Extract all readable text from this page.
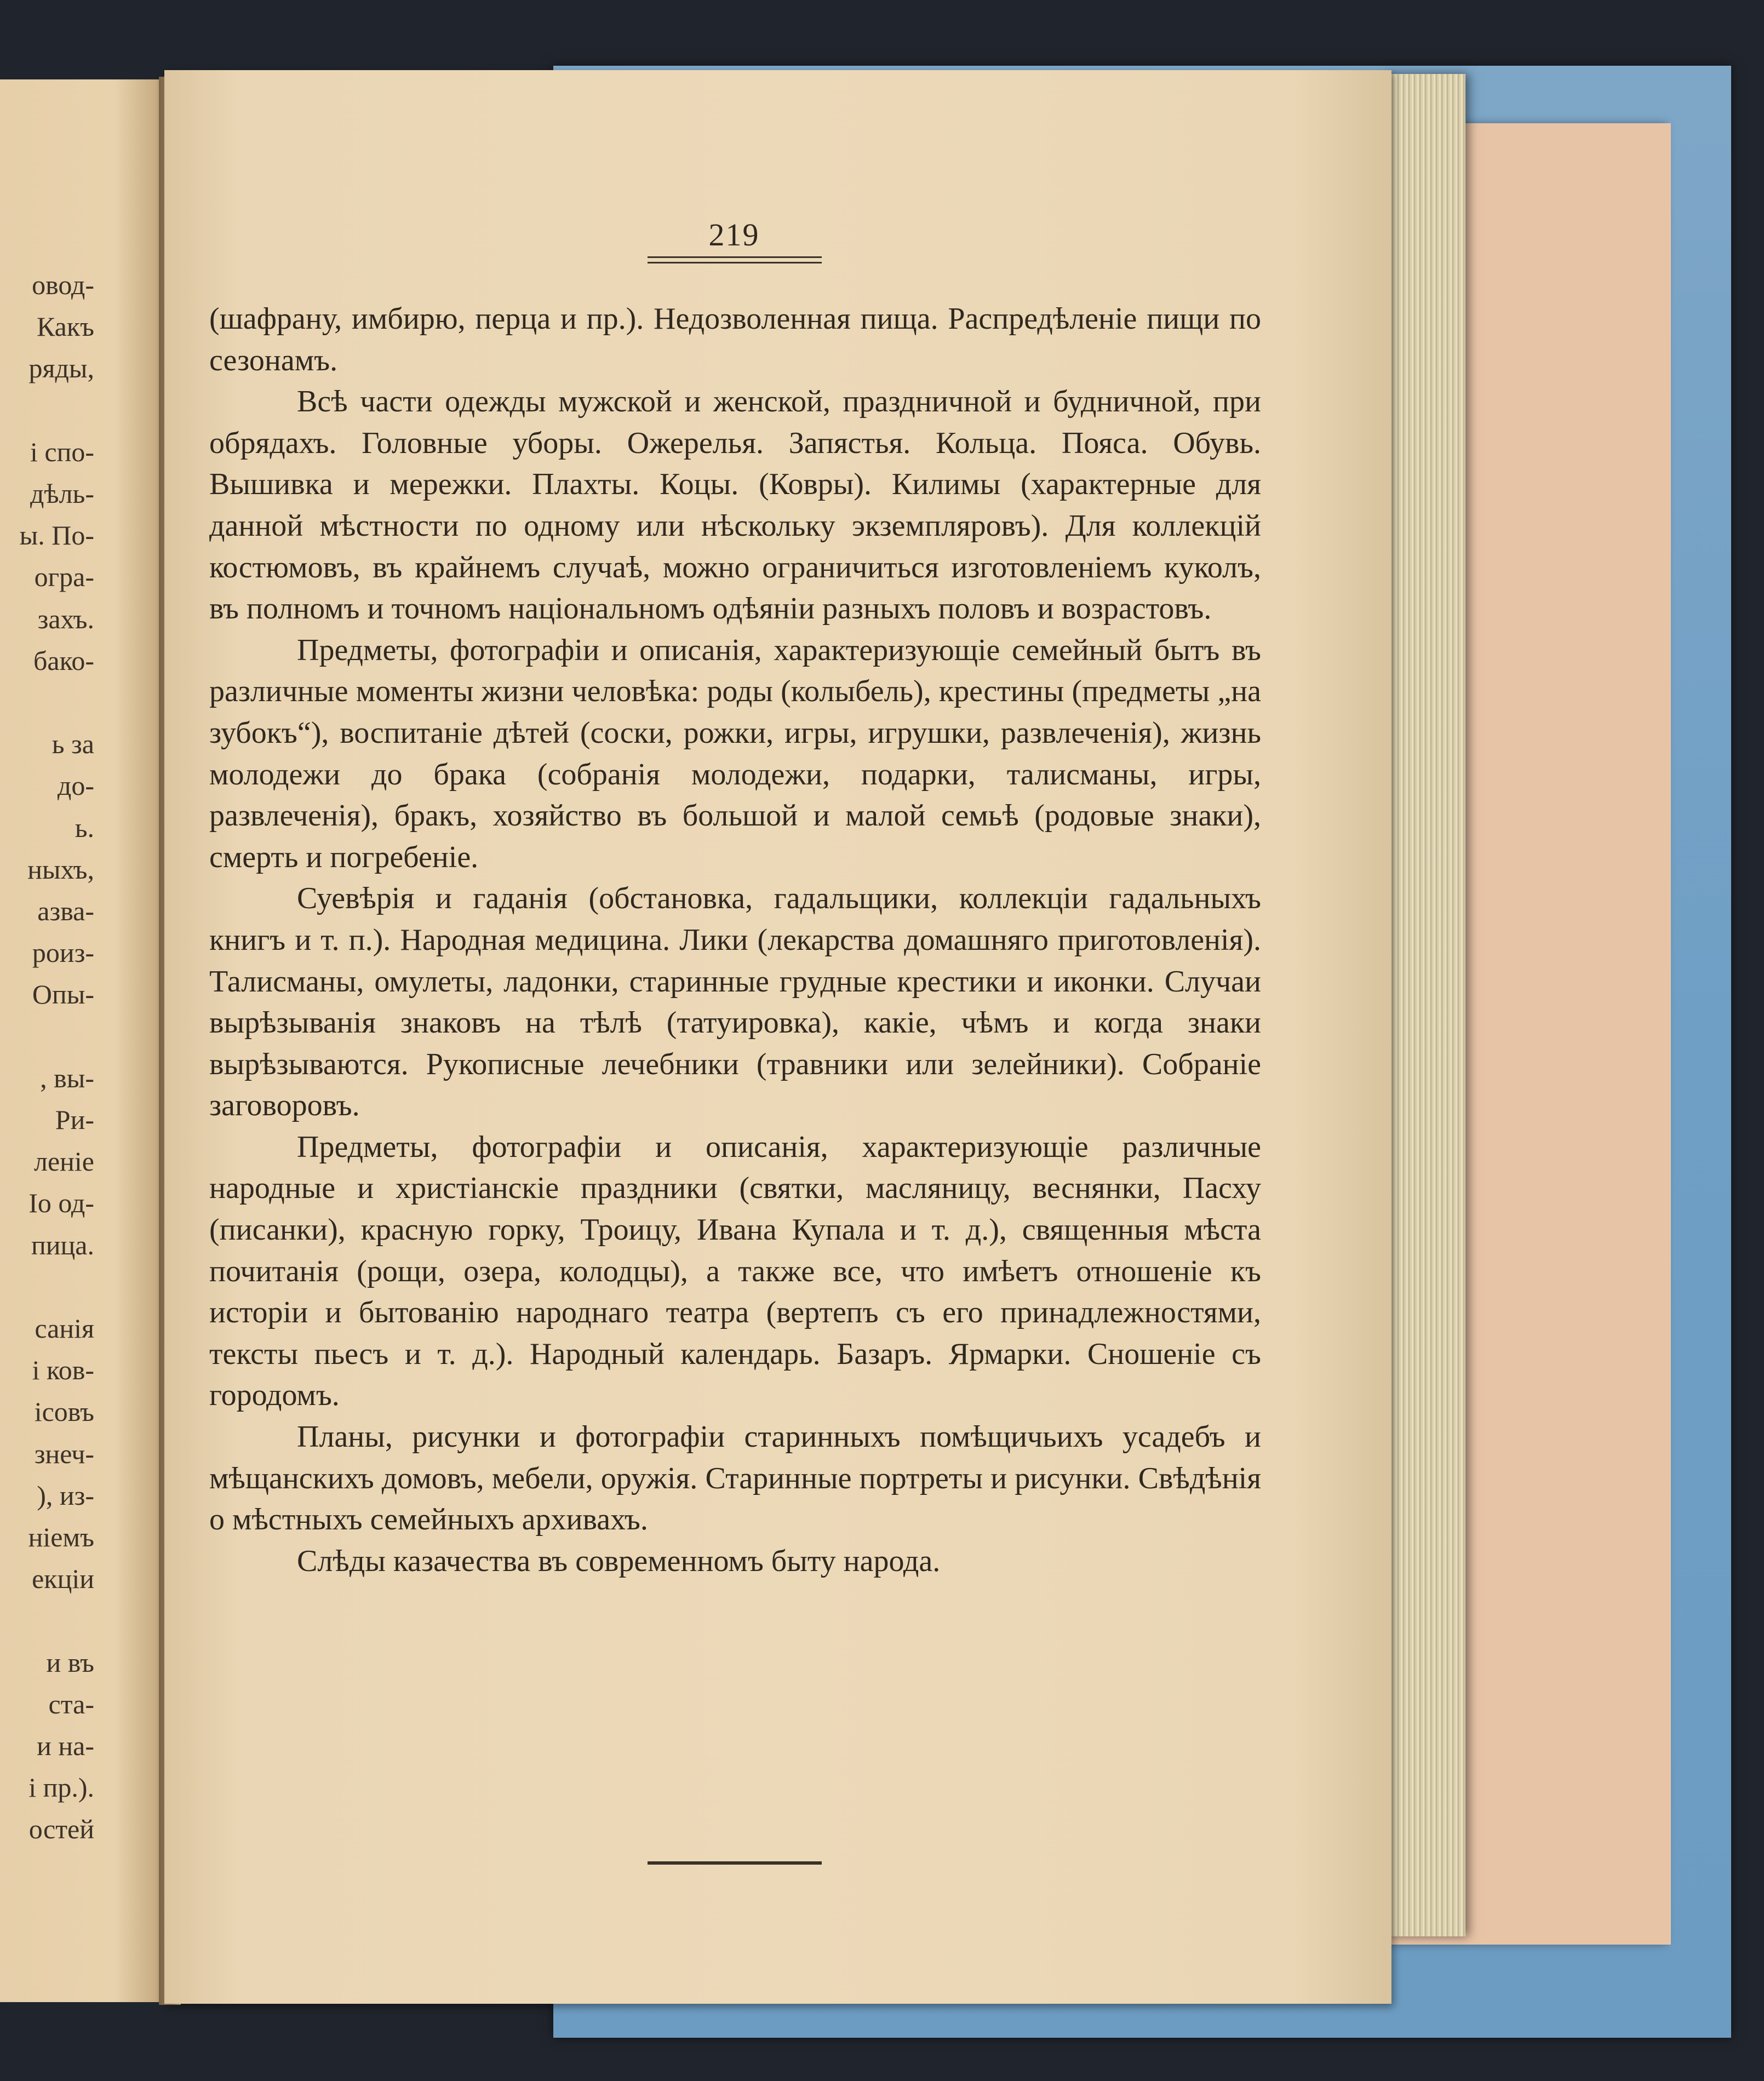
овод-
Какъ
ряды,
і спо-
дѣль-
ы. По-
огра-
захъ.
бако-
ь за
до-
ь.
ныхъ,
азва-
роиз-
Опы-
, вы-
Ри-
леніе
Іо од-
пица.
санія
і ков-
ісовъ
знеч-
), из-
ніемъ
екціи
и въ
ста-
и на-
і пр.).
остей
219

(шафрану, имбирю, перца и пр.). Недозволенная пища. Распредѣленіе пищи по сезонамъ.

Всѣ части одежды мужской и женской, праздничной и будничной, при обрядахъ. Головные уборы. Ожерелья. Запястья. Кольца. Пояса. Обувь. Вышивка и мережки. Плахты. Коцы. (Ковры). Килимы (характерные для данной мѣстности по одному или нѣскольку экземпляровъ). Для коллекцій костюмовъ, въ крайнемъ случаѣ, можно ограничиться изготовленіемъ куколъ, въ полномъ и точномъ національномъ одѣяніи разныхъ половъ и возрастовъ.

Предметы, фотографіи и описанія, характеризующіе семейный бытъ въ различные моменты жизни человѣка: роды (колыбель), крестины (предметы „на зубокъ“), воспитаніе дѣтей (соски, рожки, игры, игрушки, развлеченія), жизнь молодежи до брака (собранія молодежи, подарки, талисманы, игры, развлеченія), бракъ, хозяйство въ большой и малой семьѣ (родовые знаки), смерть и погребеніе.

Суевѣрія и гаданія (обстановка, гадальщики, коллекціи гадальныхъ книгъ и т. п.). Народная медицина. Лики (лекарства домашняго приготовленія). Талисманы, омулеты, ладонки, старинные грудные крестики и иконки. Случаи вырѣзыванія знаковъ на тѣлѣ (татуировка), какіе, чѣмъ и когда знаки вырѣзываются. Рукописные лечебники (травники или зелейники). Собраніе заговоровъ.

Предметы, фотографіи и описанія, характеризующіе различные народные и христіанскіе праздники (святки, масляницу, веснянки, Пасху (писанки), красную горку, Троицу, Ивана Купала и т. д.), священныя мѣста почитанія (рощи, озера, колодцы), а также все, что имѣетъ отношеніе къ исторіи и бытованію народнаго театра (вертепъ съ его принадлежностями, тексты пьесъ и т. д.). Народный календарь. Базаръ. Ярмарки. Сношеніе съ городомъ.

Планы, рисунки и фотографіи старинныхъ помѣщичьихъ усадебъ и мѣщанскихъ домовъ, мебели, оружія. Старинные портреты и рисунки. Свѣдѣнія о мѣстныхъ семейныхъ архивахъ.

Слѣды казачества въ современномъ быту народа.
